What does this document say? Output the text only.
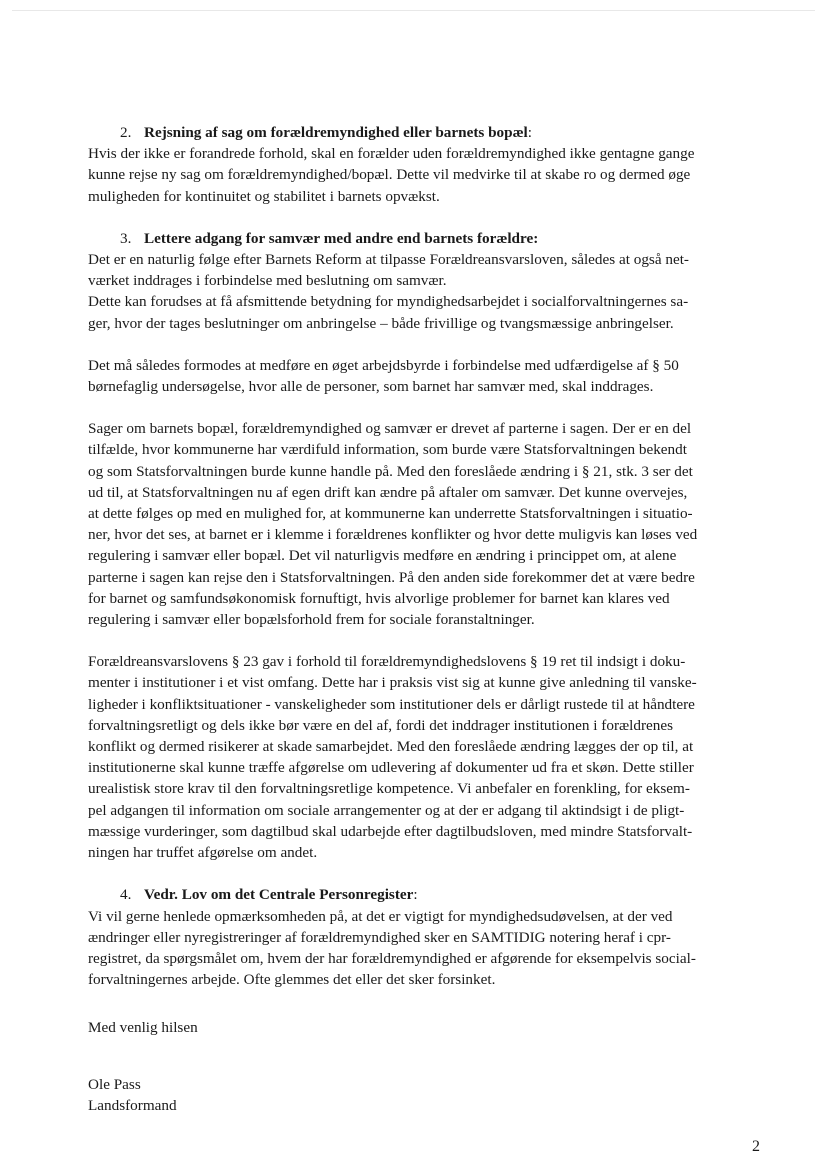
2. Rejsning af sag om forældremyndighed eller barnets bopæl:

Hvis der ikke er forandrede forhold, skal en forælder uden forældremyndighed ikke gentagne gange
kunne rejse ny sag om forældremyndighed/bopæl. Dette vil medvirke til at skabe ro og dermed øge
muligheden for kontinuitet og stabilitet i barnets opvækst.

3. Lettere adgang for samvær med andre end barnets forældre:

Det er en naturlig følge efter Barnets Reform at tilpasse Forældreansvarsloven, således at også net-
værket inddrages i forbindelse med beslutning om samvær.
Dette kan forudses at få afsmittende betydning for myndighedsarbejdet i socialforvaltningernes sa-
ger, hvor der tages beslutninger om anbringelse – både frivillige og tvangsmæssige anbringelser.
Det må således formodes at medføre en øget arbejdsbyrde i forbindelse med udfærdigelse af § 50
børnefaglig undersøgelse, hvor alle de personer, som barnet har samvær med, skal inddrages.
Sager om barnets bopæl, forældremyndighed og samvær er drevet af parterne i sagen. Der er en del
tilfælde, hvor kommunerne har værdifuld information, som burde være Statsforvaltningen bekendt
og som Statsforvaltningen burde kunne handle på. Med den foreslåede ændring i § 21, stk. 3 ser det
ud til, at Statsforvaltningen nu af egen drift kan ændre på aftaler om samvær. Det kunne overvejes,
at dette følges op med en mulighed for, at kommunerne kan underrette Statsforvaltningen i situatio-
ner, hvor det ses, at barnet er i klemme i forældrenes konflikter og hvor dette muligvis kan løses ved
regulering i samvær eller bopæl. Det vil naturligvis medføre en ændring i princippet om, at alene
parterne i sagen kan rejse den i Statsforvaltningen. På den anden side forekommer det at være bedre
for barnet og samfundsøkonomisk fornuftigt, hvis alvorlige problemer for barnet kan klares ved
regulering i samvær eller bopælsforhold frem for sociale foranstaltninger.
Forældreansvarslovens § 23 gav i forhold til forældremyndighedslovens § 19 ret til indsigt i doku-
menter i institutioner i et vist omfang. Dette har i praksis vist sig at kunne give anledning til vanske-
ligheder i konfliktsituationer - vanskeligheder som institutioner dels er dårligt rustede til at håndtere
forvaltningsretligt og dels ikke bør være en del af, fordi det inddrager institutionen i forældrenes
konflikt og dermed risikerer at skade samarbejdet. Med den foreslåede ændring lægges der op til, at
institutionerne skal kunne træffe afgørelse om udlevering af dokumenter ud fra et skøn. Dette stiller
urealistisk store krav til den forvaltningsretlige kompetence. Vi anbefaler en forenkling, for eksem-
pel adgangen til information om sociale arrangementer og at der er adgang til aktindsigt i de pligt-
mæssige vurderinger, som dagtilbud skal udarbejde efter dagtilbudsloven, med mindre Statsforvalt-
ningen har truffet afgørelse om andet.

4. Vedr. Lov om det Centrale Personregister:

Vi vil gerne henlede opmærksomheden på, at det er vigtigt for myndighedsudøvelsen, at der ved
ændringer eller nyregistreringer af forældremyndighed sker en SAMTIDIG notering heraf i cpr-
registret, da spørgsmålet om, hvem der har forældremyndighed er afgørende for eksempelvis social-
forvaltningernes arbejde. Ofte glemmes det eller det sker forsinket.
Med venlig hilsen
Ole Pass
Landsformand
2
